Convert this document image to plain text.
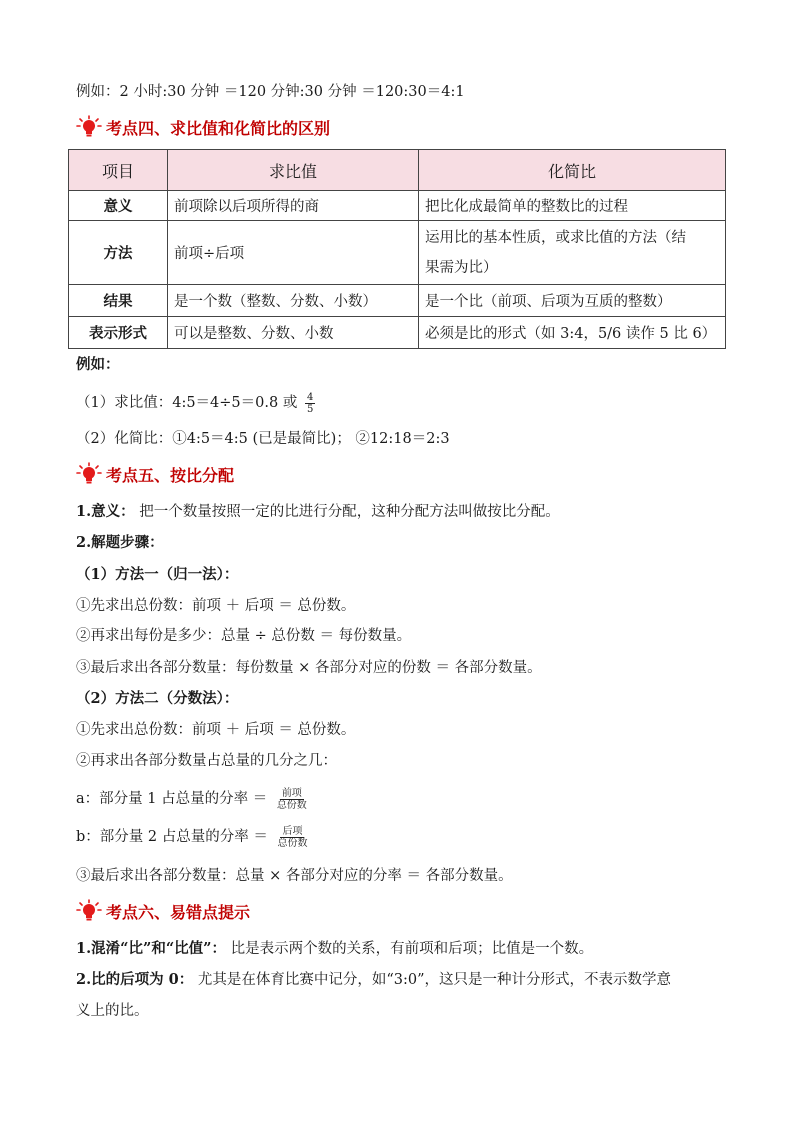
例如：2 小时:30 分钟 ＝120 分钟:30 分钟 ＝120:30＝4:1
考点四、求比值和化简比的区别
项目	求比值	化简比
意义	前项除以后项所得的商	把比化成最简单的整数比的过程
方法	前项÷后项	运用比的基本性质，或求比值的方法（结
果需为比）

结果	是一个数（整数、分数、小数）	是一个比（前项、后项为互质的整数）
表示形式	可以是整数、分数、小数	必须是比的形式（如 3:4，5/6 读作 5 比 6）
例如：
（1）求比值：4:5＝4÷5＝0.8 或 $\frac{4}{5}$
（2）化简比：①4:5＝4:5 (已是最简比)； ②12:18＝2:3
考点五、按比分配
1.意义： 把一个数量按照一定的比进行分配，这种分配方法叫做按比分配。
2.解题步骤：
（1）方法一（归一法）：
①先求出总份数：前项 ＋ 后项 ＝ 总份数。
②再求出每份是多少：总量 ÷ 总份数 ＝ 每份数量。
③最后求出各部分数量：每份数量 × 各部分对应的份数 ＝ 各部分数量。
（2）方法二（分数法）：
①先求出总份数：前项 ＋ 后项 ＝ 总份数。
②再求出各部分数量占总量的几分之几：
a：部分量 1 占总量的分率 ＝ $\frac{\text{前项}}{\text{总份数}}$
b：部分量 2 占总量的分率 ＝ $\frac{\text{后项}}{\text{总份数}}$
③最后求出各部分数量：总量 × 各部分对应的分率 ＝ 各部分数量。
考点六、易错点提示
1.混淆“比”和“比值”： 比是表示两个数的关系，有前项和后项；比值是一个数。
2.比的后项为 0： 尤其是在体育比赛中记分，如“3:0”，这只是一种计分形式，不表示数学意
义上的比。
